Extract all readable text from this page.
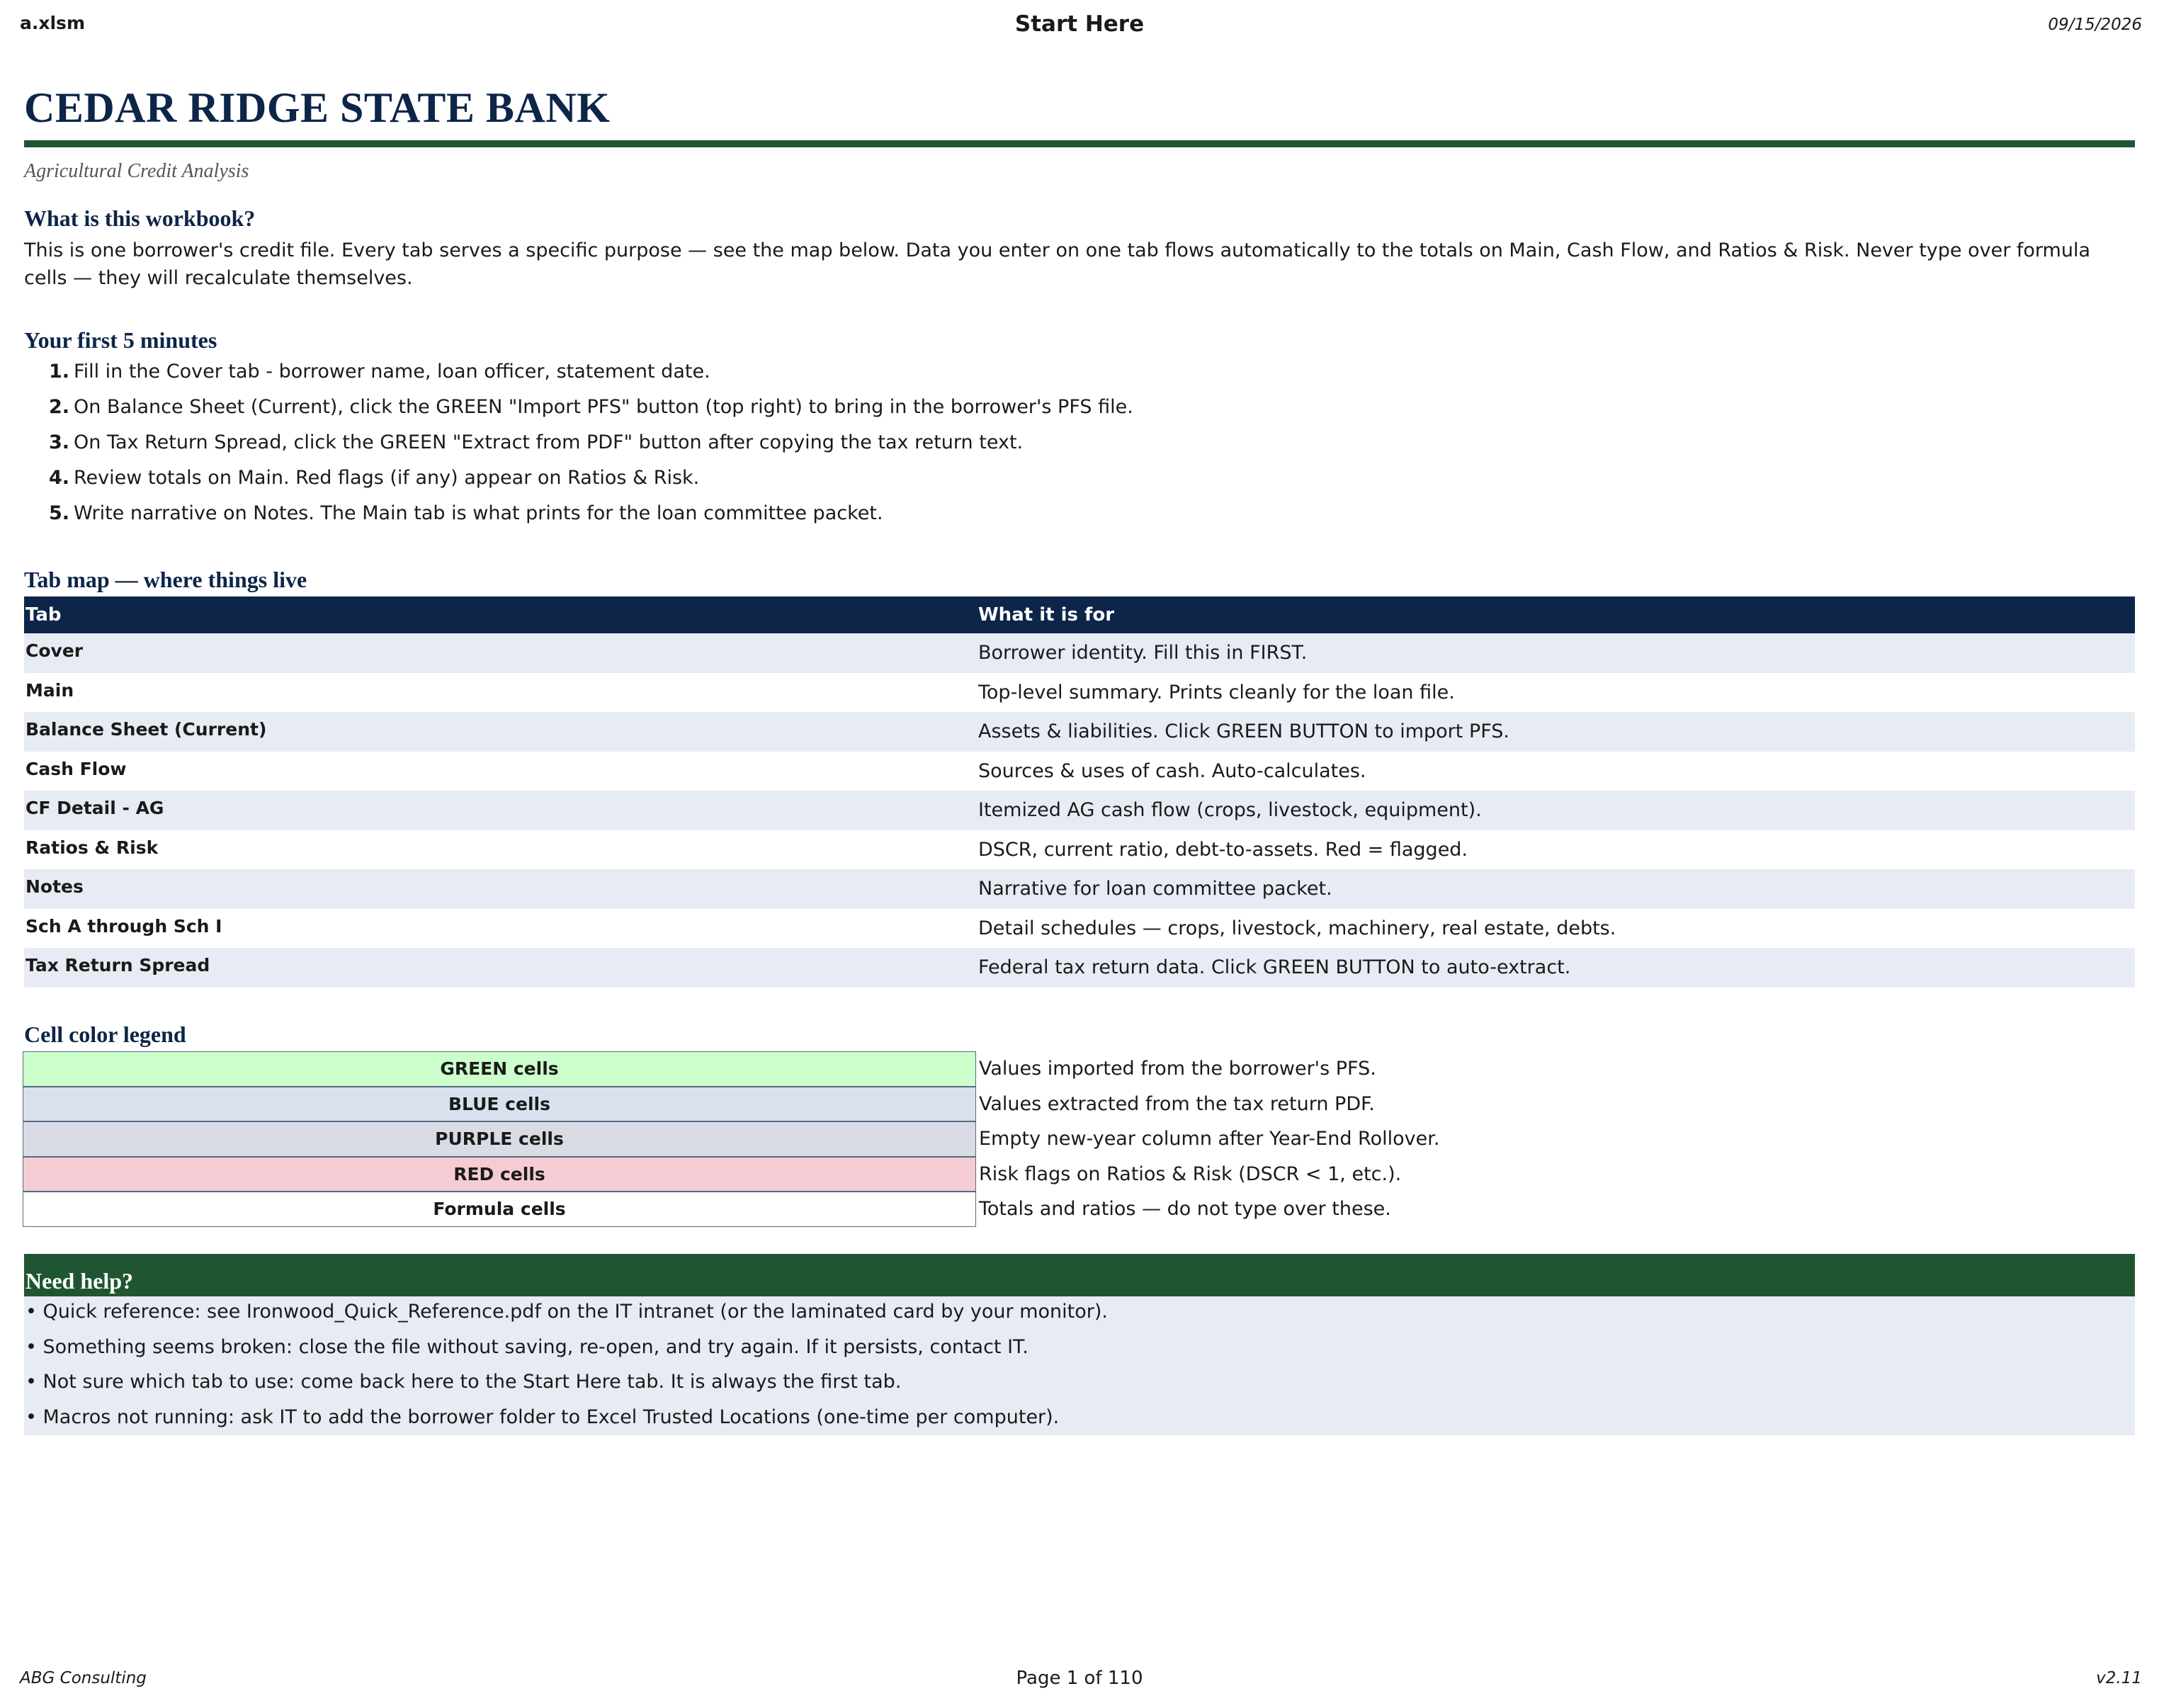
a.xlsm	Start Here	09/15/2026
CEDAR RIDGE STATE BANK
Agricultural Credit Analysis
What is this workbook?
This is one borrower's credit file. Every tab serves a specific purpose — see the map below. Data you enter on one tab flows automatically to the totals on Main, Cash Flow, and Ratios & Risk. Never type over formula cells — they will recalculate themselves.
Your first 5 minutes
1. Fill in the Cover tab - borrower name, loan officer, statement date.
2. On Balance Sheet (Current), click the GREEN "Import PFS" button (top right) to bring in the borrower's PFS file.
3. On Tax Return Spread, click the GREEN "Extract from PDF" button after copying the tax return text.
4. Review totals on Main. Red flags (if any) appear on Ratios & Risk.
5. Write narrative on Notes. The Main tab is what prints for the loan committee packet.
Tab map — where things live
Tab	What it is for
Cover	Borrower identity. Fill this in FIRST.
Main	Top-level summary. Prints cleanly for the loan file.
Balance Sheet (Current)	Assets & liabilities. Click GREEN BUTTON to import PFS.
Cash Flow	Sources & uses of cash. Auto-calculates.
CF Detail - AG	Itemized AG cash flow (crops, livestock, equipment).
Ratios & Risk	DSCR, current ratio, debt-to-assets. Red = flagged.
Notes	Narrative for loan committee packet.
Sch A through Sch I	Detail schedules — crops, livestock, machinery, real estate, debts.
Tax Return Spread	Federal tax return data. Click GREEN BUTTON to auto-extract.
Cell color legend
GREEN cells	Values imported from the borrower's PFS.
BLUE cells	Values extracted from the tax return PDF.
PURPLE cells	Empty new-year column after Year-End Rollover.
RED cells	Risk flags on Ratios & Risk (DSCR < 1, etc.).
Formula cells	Totals and ratios — do not type over these.
Need help?
• Quick reference: see Ironwood_Quick_Reference.pdf on the IT intranet (or the laminated card by your monitor).
• Something seems broken: close the file without saving, re-open, and try again. If it persists, contact IT.
• Not sure which tab to use: come back here to the Start Here tab. It is always the first tab.
• Macros not running: ask IT to add the borrower folder to Excel Trusted Locations (one-time per computer).
ABG Consulting	Page 1 of 110	v2.11
